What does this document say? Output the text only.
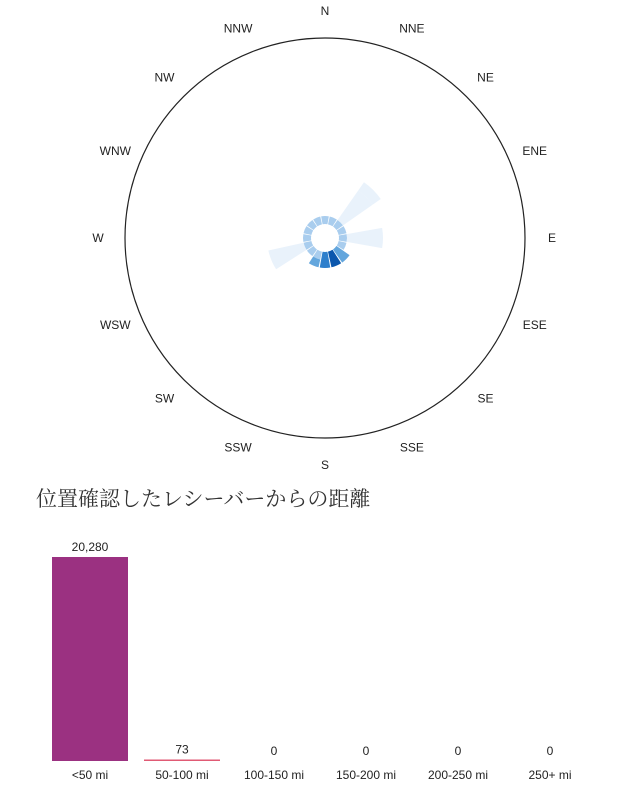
N
NNE
NE
ENE
E
ESE
SE
SSE
S
SSW
SW
WSW
W
WNW
NW
NNW
位置確認したレシーバーからの距離
20,280
<50 mi
73
50-100 mi
0
100-150 mi
0
150-200 mi
0
200-250 mi
0
250+ mi
